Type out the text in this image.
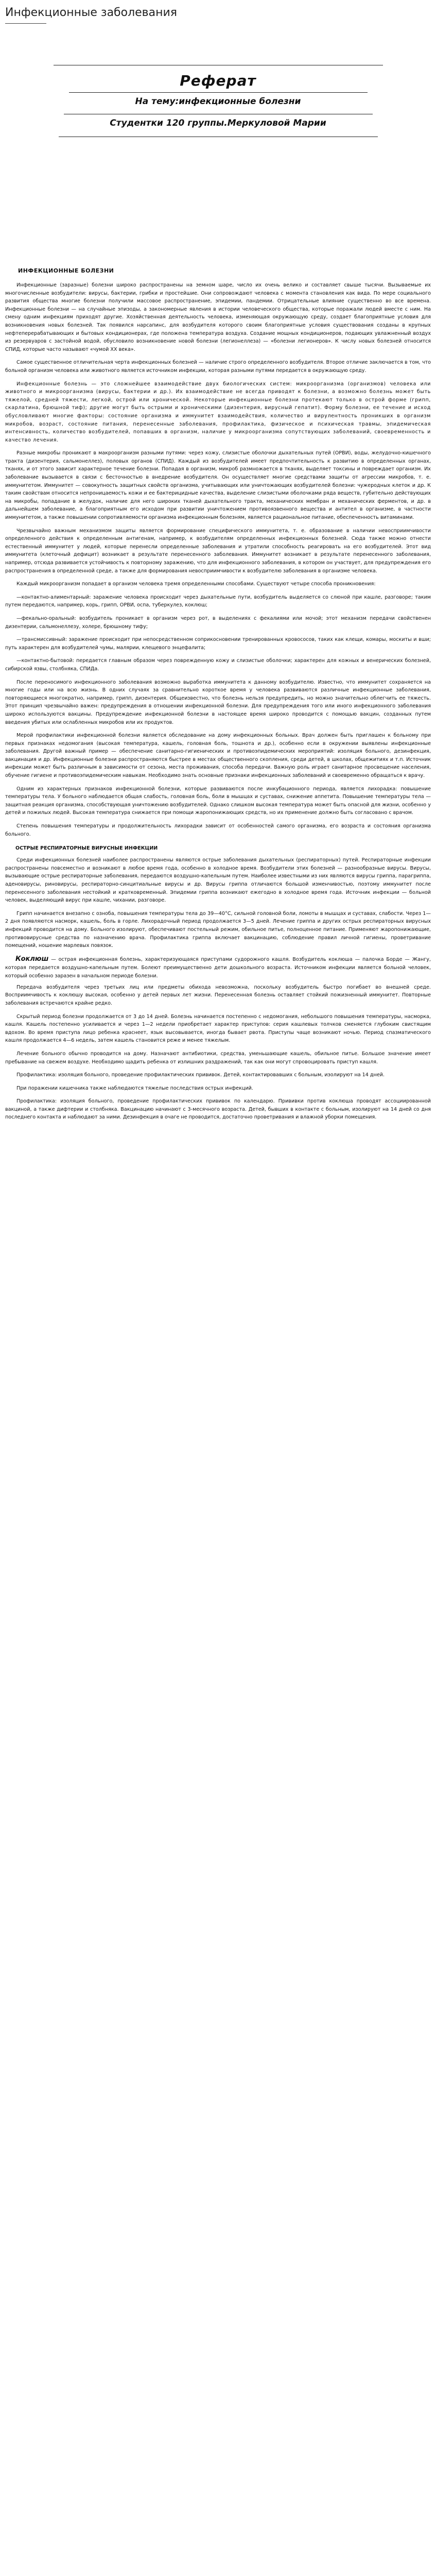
Инфекционные заболевания
Реферат
На тему:инфекционные болезни
Студентки 120 группы.Меркуловой Марии
ИНФЕКЦИОННЫЕ БОЛЕЗНИ

Инфекционные (заразные) болезни широко распространены на земном шаре, число их очень велико и составляет свыше тысячи. Вызываемые их многочисленные возбудители: вирусы, бактерии, грибки и простейшие. Они сопровождают человека с момента становления как вида. По мере социального развития общества многие болезни получили массовое распространение, эпидемии, пандемии. Отрицательные влияние существенно во все времена. Инфекционные болезни — на случайные эпизоды, а закономерные явления в истории человеческого общества, которые поражали людей вместе с ним. На смену одним инфекциям приходят другие. Хозяйственная деятельность человека, изменяющая окружающую среду, создает благоприятные условия для возникновения новых болезней. Так появился нарсапинс, для возбудителя которого своим благоприятные условия существования созданы в крупных нефтеперерабатывающих и бытовых кондиционерах, где положена температура воздуха. Создание мощных кондиционеров, подающих увлажненный воздух из резервуаров с застойной водой, обусловило возникновение новой болезни (легионеллеза) — «болезни легионеров». К числу новых болезней относится СПИД, которые часто называют «чумой XX века».

Самое существенное отличительная черта инфекционных болезней — наличие строго определенного возбудителя. Второе отличие заключается в том, что больной организм человека или животного является источником инфекции, которая разными путями передается в окружающую среду.

Инфекционные болезнь — это сложнейшее взаимодействие двух биологических систем: микроорганизма (организмов) человека или животного и микроорганизма (вирусы, бактерии и др.). Их взаимодействие не всегда приводят к болезни, а возможно болезнь может быть тяжелой, средней тяжести, легкой, острой или хронической. Некоторые инфекционные болезни протекают только в острой форме (грипп, скарлатина, брюшной тиф); другие могут быть острыми и хроническими (дизентерия, вирусный гепатит). Форму болезни, ее течение и исход обусловливают многие факторы: состояние организма и иммунитет взаимодействия, количество и вирулентность проникших в организм микробов, возраст, состояние питания, перенесенные заболевания, профилактика, физическое и психическая травмы, эпидемическая интенсивность, количество возбудителей, попавших в организм, наличие у микроорганизма сопутствующих заболеваний, своевременность и качество лечения.

Разные микробы проникают в макроорганизм разными путями: через кожу, слизистые оболочки дыхательных путей (ОРВИ), воды, желудочно-кишечного тракта (дизентерия, сальмонеллез), половых органов (СПИД). Каждый из возбудителей имеет предпочтительность к развитию в определенных органах, тканях, и от этого зависит характерное течение болезни. Попадая в организм, микроб размножается в тканях, выделяет токсины и повреждает организм. Их заболевание вызывается в связи с бесточностью в внедрение возбудителя. Он осуществляет многие средствами защиты от агрессии микробов, т. е. иммунитетом. Иммунитет — совокупность защитных свойств организма, учитывающих или уничтожающих возбудителей болезни: чужеродных клеток и др. К таким свойствам относится непроницаемость кожи и ее бактерицидные качества, выделение слизистыми оболочками ряда веществ, губительно действующих на микробы, попадание в желудок, наличие для него широких тканей дыхательного тракта, механических мембран и механических ферментов, и др. в дальнейшем заболевание, а благоприятным его исходом при развитии уничтожением противоязвенного вещества и антител в организме, в частности иммунитетом, а также повышении сопротивляемости организма инфекционным болезням, является рациональное питание, обеспеченность витаминами.

Чрезвычайно важным механизмом защиты является формирование специфического иммунитета, т. е. образование в наличии невосприимчивости определенного действия к определенным антигенам, например, к возбудителям определенных инфекционных болезней. Сюда также можно отнести естественный иммунитет у людей, которые перенесли определенные заболевания и утратили способность реагировать на его возбудителей. Этот вид иммунитета (клеточный дефицит) возникает в результате перенесенного заболевания. Иммунитет возникает в результате перенесенного заболевания, например, отсюда развивается устойчивость к повторному заражению, что для инфекционного заболевания, в котором он участвует, для предупреждения его распространения в определенной среде, а также для формирования невосприимчивости к возбудителю заболевания в организме человека.

Каждый микроорганизм попадает в организм человека тремя определенными способами. Существуют четыре способа проникновения:

—контактно-алиментарный: заражение человека происходит через дыхательные пути, возбудитель выделяется со слюной при кашле, разговоре; таким путем передаются, например, корь, грипп, ОРВИ, оспа, туберкулез, коклюш;

—фекально-оральный: возбудитель проникает в организм через рот, в выделениях с фекалиями или мочой; этот механизм передачи свойственен дизентерии, сальмонеллезу, холере, брюшному тифу;

—трансмиссивный: заражение происходит при непосредственном соприкосновении тренированных кровососов, таких как клещи, комары, москиты и вши; путь характерен для возбудителей чумы, малярии, клещевого энцефалита;

—контактно-бытовой: передается главным образом через поврежденную кожу и слизистые оболочки; характерен для кожных и венерических болезней, сибирской язвы, столбняка, СПИДа.

После переносимого инфекционного заболевания возможно выработка иммунитета к данному возбудителю. Известно, что иммунитет сохраняется на многие годы или на всю жизнь. В одних случаях за сравнительно короткое время у человека развиваются различные инфекционные заболевания, повторяющиеся многократно, например, грипп, дизентерия. Общеизвестно, что болезнь нельзя предупредить, но можно значительно облегчить ее тяжесть. Этот принцип чрезвычайно важен: предупреждения в отношении инфекционной болезни. Для предупреждения того или иного инфекционного заболевания широко используются вакцины. Предупреждение инфекционной болезни в настоящее время широко проводится с помощью вакцин, созданных путем введения убитых или ослабленных микробов или их продуктов.

Мерой профилактики инфекционной болезни является обследование на дому инфекционных больных. Врач должен быть приглашен к больному при первых признаках недомогания (высокая температура, кашель, головная боль, тошнота и др.), особенно если в окружении выявлены инфекционные заболевания. Другой важный пример — обеспечение санитарно-гигиенических и противоэпидемических мероприятий: изоляция больного, дезинфекция, вакцинация и др. Инфекционные болезни распространяются быстрее в местах общественного скопления, среди детей, в школах, общежитиях и т.п. Источник инфекции может быть различным в зависимости от сезона, места проживания, способа передачи. Важную роль играет санитарное просвещение населения, обучение гигиене и противоэпидемическим навыкам. Необходимо знать основные признаки инфекционных заболеваний и своевременно обращаться к врачу.

Одним из характерных признаков инфекционной болезни, которые развиваются после инкубационного периода, является лихорадка: повышение температуры тела. У больного наблюдается общая слабость, головная боль, боли в мышцах и суставах, снижение аппетита. Повышение температуры тела — защитная реакция организма, способствующая уничтожению возбудителей. Однако слишком высокая температура может быть опасной для жизни, особенно у детей и пожилых людей. Высокая температура снижается при помощи жаропонижающих средств, но их применение должно быть согласовано с врачом.

Степень повышения температуры и продолжительность лихорадки зависит от особенностей самого организма, его возраста и состояния организма больного.

ОСТРЫЕ РЕСПИРАТОРНЫЕ ВИРУСНЫЕ ИНФЕКЦИИ

Среди инфекционных болезней наиболее распространены являются острые заболевания дыхательных (респираторных) путей. Респираторные инфекции распространены повсеместно и возникают в любое время года, особенно в холодное время. Возбудители этих болезней — разнообразные вирусы. Вирусы, вызывающие острые респираторные заболевания, передаются воздушно-капельным путем. Наиболее известными из них являются вирусы гриппа, парагриппа, аденовирусы, риновирусы, респираторно-синцитиальные вирусы и др. Вирусы гриппа отличаются большой изменчивостью, поэтому иммунитет после перенесенного заболевания нестойкий и кратковременный. Эпидемии гриппа возникают ежегодно в холодное время года. Источник инфекции — больной человек, выделяющий вирус при кашле, чихании, разговоре.

Грипп начинается внезапно с озноба, повышения температуры тела до 39—40°С, сильной головной боли, ломоты в мышцах и суставах, слабости. Через 1—2 дня появляются насморк, кашель, боль в горле. Лихорадочный период продолжается 3—5 дней. Лечение гриппа и других острых респираторных вирусных инфекций проводится на дому. Больного изолируют, обеспечивают постельный режим, обильное питье, полноценное питание. Применяют жаропонижающие, противовирусные средства по назначению врача. Профилактика гриппа включает вакцинацию, соблюдение правил личной гигиены, проветривание помещений, ношение марлевых повязок.

Коклюш — острая инфекционная болезнь, характеризующаяся приступами судорожного кашля. Возбудитель коклюша — палочка Борде — Жангу, которая передается воздушно-капельным путем. Болеют преимущественно дети дошкольного возраста. Источником инфекции является больной человек, который особенно заразен в начальном периоде болезни.

Передача возбудителя через третьих лиц или предметы обихода невозможна, поскольку возбудитель быстро погибает во внешней среде. Восприимчивость к коклюшу высокая, особенно у детей первых лет жизни. Перенесенная болезнь оставляет стойкий пожизненный иммунитет. Повторные заболевания встречаются крайне редко.

Скрытый период болезни продолжается от 3 до 14 дней. Болезнь начинается постепенно с недомогания, небольшого повышения температуры, насморка, кашля. Кашель постепенно усиливается и через 1—2 недели приобретает характер приступов: серия кашлевых толчков сменяется глубоким свистящим вдохом. Во время приступа лицо ребенка краснеет, язык высовывается, иногда бывает рвота. Приступы чаще возникают ночью. Период спазматического кашля продолжается 4—6 недель, затем кашель становится реже и менее тяжелым.

Лечение больного обычно проводится на дому. Назначают антибиотики, средства, уменьшающие кашель, обильное питье. Большое значение имеет пребывание на свежем воздухе. Необходимо щадить ребенка от излишних раздражений, так как они могут спровоцировать приступ кашля.

Профилактика: изоляция больного, проведение профилактических прививок. Детей, контактировавших с больным, изолируют на 14 дней.

При поражении кишечника также наблюдаются тяжелые последствия острых инфекций.

Профилактика: изоляция больного, проведение профилактических прививок по календарю. Прививки против коклюша проводят ассоциированной вакциной, а также дифтерии и столбняка. Вакцинацию начинают с 3-месячного возраста. Детей, бывших в контакте с больным, изолируют на 14 дней со дня последнего контакта и наблюдают за ними. Дезинфекция в очаге не проводится, достаточно проветривания и влажной уборки помещения.
